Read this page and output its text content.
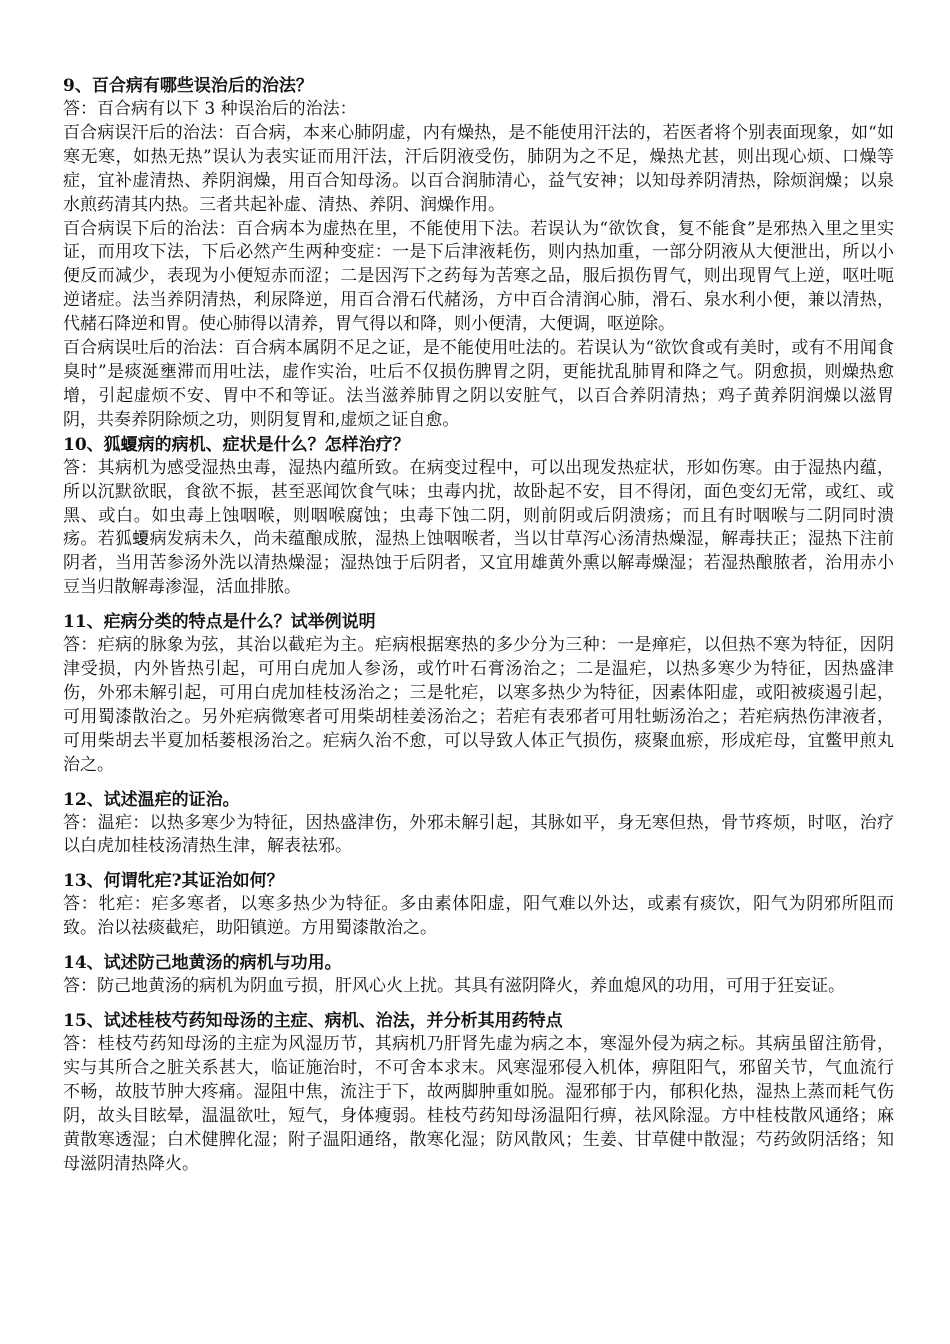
9、百合病有哪些误治后的治法？

答：百合病有以下 3 种误治后的治法：

百合病误汗后的治法：百合病，本来心肺阴虚，内有燥热，是不能使用汗法的，若医者将个别表面现象，如“如寒无寒，如热无热”误认为表实证而用汗法，汗后阴液受伤，肺阴为之不足，燥热尤甚，则出现心烦、口燥等症，宜补虚清热、养阴润燥，用百合知母汤。以百合润肺清心，益气安神；以知母养阴清热，除烦润燥；以泉水煎药清其内热。三者共起补虚、清热、养阴、润燥作用。

百合病误下后的治法：百合病本为虚热在里，不能使用下法。若误认为“欲饮食，复不能食”是邪热入里之里实证，而用攻下法，下后必然产生两种变症：一是下后津液耗伤，则内热加重，一部分阴液从大便泄出，所以小便反而减少，表现为小便短赤而涩；二是因泻下之药每为苦寒之品，服后损伤胃气，则出现胃气上逆，呕吐呃逆诸症。法当养阴清热，利尿降逆，用百合滑石代赭汤，方中百合清润心肺，滑石、泉水利小便，兼以清热，代赭石降逆和胃。使心肺得以清养，胃气得以和降，则小便清，大便调，呕逆除。

百合病误吐后的治法：百合病本属阴不足之证，是不能使用吐法的。若误认为“欲饮食或有美时，或有不用闻食臭时”是痰涎壅滞而用吐法，虚作实治，吐后不仅损伤脾胃之阴，更能扰乱肺胃和降之气。阴愈损，则燥热愈增，引起虚烦不安、胃中不和等证。法当滋养肺胃之阴以安脏气，以百合养阴清热；鸡子黄养阴润燥以滋胃阴，共奏养阴除烦之功，则阴复胃和,虚烦之证自愈。

10、狐𧏡病的病机、症状是什么？怎样治疗？

答：其病机为感受湿热虫毒，湿热内蕴所致。在病变过程中，可以出现发热症状，形如伤寒。由于湿热内蕴，所以沉默欲眠，食欲不振，甚至恶闻饮食气味；虫毒内扰，故卧起不安，目不得闭，面色变幻无常，或红、或黑、或白。如虫毒上蚀咽喉，则咽喉腐蚀；虫毒下蚀二阴，则前阴或后阴溃疡；而且有时咽喉与二阴同时溃疡。若狐𧏡病发病未久，尚未蕴酿成脓，湿热上蚀咽喉者，当以甘草泻心汤清热燥湿，解毒扶正；湿热下注前阴者，当用苦参汤外洗以清热燥湿；湿热蚀于后阴者，又宜用雄黄外熏以解毒燥湿；若湿热酿脓者，治用赤小豆当归散解毒渗湿，活血排脓。

11、疟病分类的特点是什么？试举例说明

答：疟病的脉象为弦，其治以截疟为主。疟病根据寒热的多少分为三种：一是瘅疟，以但热不寒为特征，因阴津受损，内外皆热引起，可用白虎加人参汤，或竹叶石膏汤治之；二是温疟，以热多寒少为特征，因热盛津伤，外邪未解引起，可用白虎加桂枝汤治之；三是牝疟，以寒多热少为特征，因素体阳虚，或阳被痰遏引起，可用蜀漆散治之。另外疟病微寒者可用柴胡桂姜汤治之；若疟有表邪者可用牡蛎汤治之；若疟病热伤津液者，可用柴胡去半夏加栝蒌根汤治之。疟病久治不愈，可以导致人体正气损伤，痰聚血瘀，形成疟母，宜鳖甲煎丸治之。

12、试述温疟的证治。

答：温疟：以热多寒少为特征，因热盛津伤，外邪未解引起，其脉如平，身无寒但热，骨节疼烦，时呕，治疗以白虎加桂枝汤清热生津，解表祛邪。

13、何谓牝疟?其证治如何？

答：牝疟：疟多寒者，以寒多热少为特征。多由素体阳虚，阳气难以外达，或素有痰饮，阳气为阴邪所阻而致。治以祛痰截疟，助阳镇逆。方用蜀漆散治之。

14、试述防己地黄汤的病机与功用。

答：防己地黄汤的病机为阴血亏损，肝风心火上扰。其具有滋阴降火，养血熄风的功用，可用于狂妄证。

15、试述桂枝芍药知母汤的主症、病机、治法，并分析其用药特点

答：桂枝芍药知母汤的主症为风湿历节，其病机乃肝肾先虚为病之本，寒湿外侵为病之标。其病虽留注筋骨，实与其所合之脏关系甚大，临证施治时，不可舍本求末。风寒湿邪侵入机体，痹阻阳气，邪留关节，气血流行不畅，故肢节肿大疼痛。湿阻中焦，流注于下，故两脚肿重如脱。湿邪郁于内，郁积化热，湿热上蒸而耗气伤阴，故头目眩晕，温温欲吐，短气，身体瘦弱。桂枝芍药知母汤温阳行痹，祛风除湿。方中桂枝散风通络；麻黄散寒透湿；白术健脾化湿；附子温阳通络，散寒化湿；防风散风；生姜、甘草健中散湿；芍药敛阴活络；知母滋阴清热降火。
